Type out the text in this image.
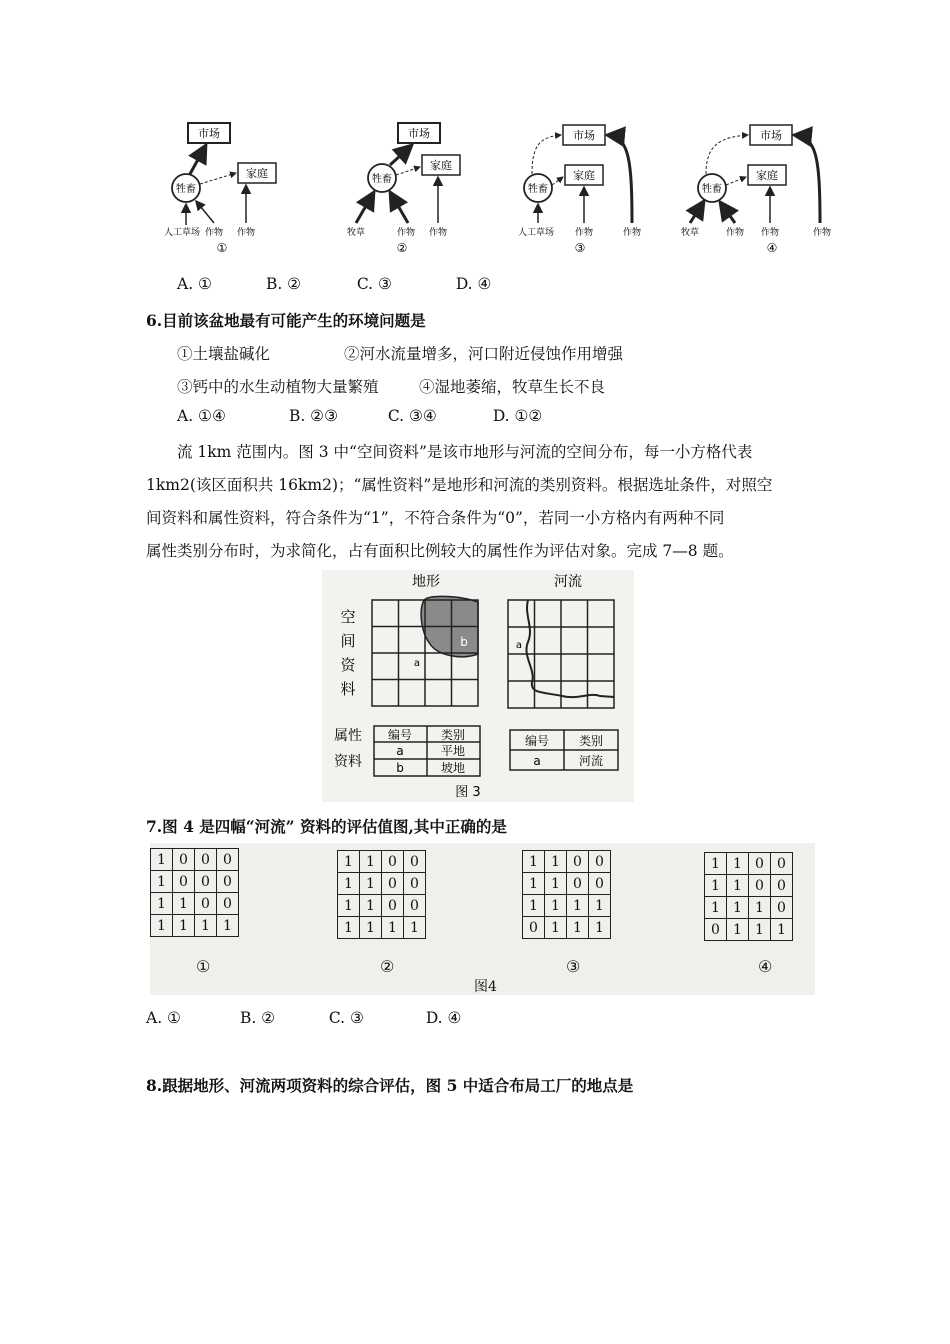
市场
家庭
牲畜
人工草场 作物 作物
①
市场
家庭
牲畜
牧草	作物 作物
②
市场
家庭
牲畜
人工草场 作物	作物
③
市场
家庭
牲畜
牧草	作物 作物	作物
④
A. ①	B. ②	C. ③	D. ④
6.目前该盆地最有可能产生的环境问题是
①土壤盐碱化	②河水流量增多，河口附近侵蚀作用增强
③钙中的水生动植物大量繁殖	④湿地萎缩，牧草生长不良
A. ①④	B. ②③	C. ③④	D. ①②
流 1km 范围内。图 3 中“空间资料”是该市地形与河流的空间分布，每一小方格代表
1km2(该区面积共 16km2)；“属性资料”是地形和河流的类别资料。根据选址条件，对照空
间资料和属性资料，符合条件为“1”，不符合条件为“0”，若同一小方格内有两种不同
属性类别分布时，为求简化，占有面积比例较大的属性作为评估对象。完成 7—8 题。
地形	河流
空
间
资
料
b
a
a
属性
资料
编号 类别
a	平地
b	坡地
编号 类别
a	河流
图 3
7.图 4 是四幅“河流” 资料的评估值图,其中正确的是
1	0	0	0
1	0	0	0
1	1	0	0
1	1	1	1
1	1	0	0
1	1	0	0
1	1	0	0
1	1	1	1
1	1	0	0
1	1	0	0
1	1	1	1
0	1	1	1
1	1	0	0
1	1	0	0
1	1	1	0
0	1	1	1
①	②	③	④
图4
A. ①	B. ②	C. ③	D. ④
8.跟据地形、河流两项资料的综合评估，图 5 中适合布局工厂的地点是
